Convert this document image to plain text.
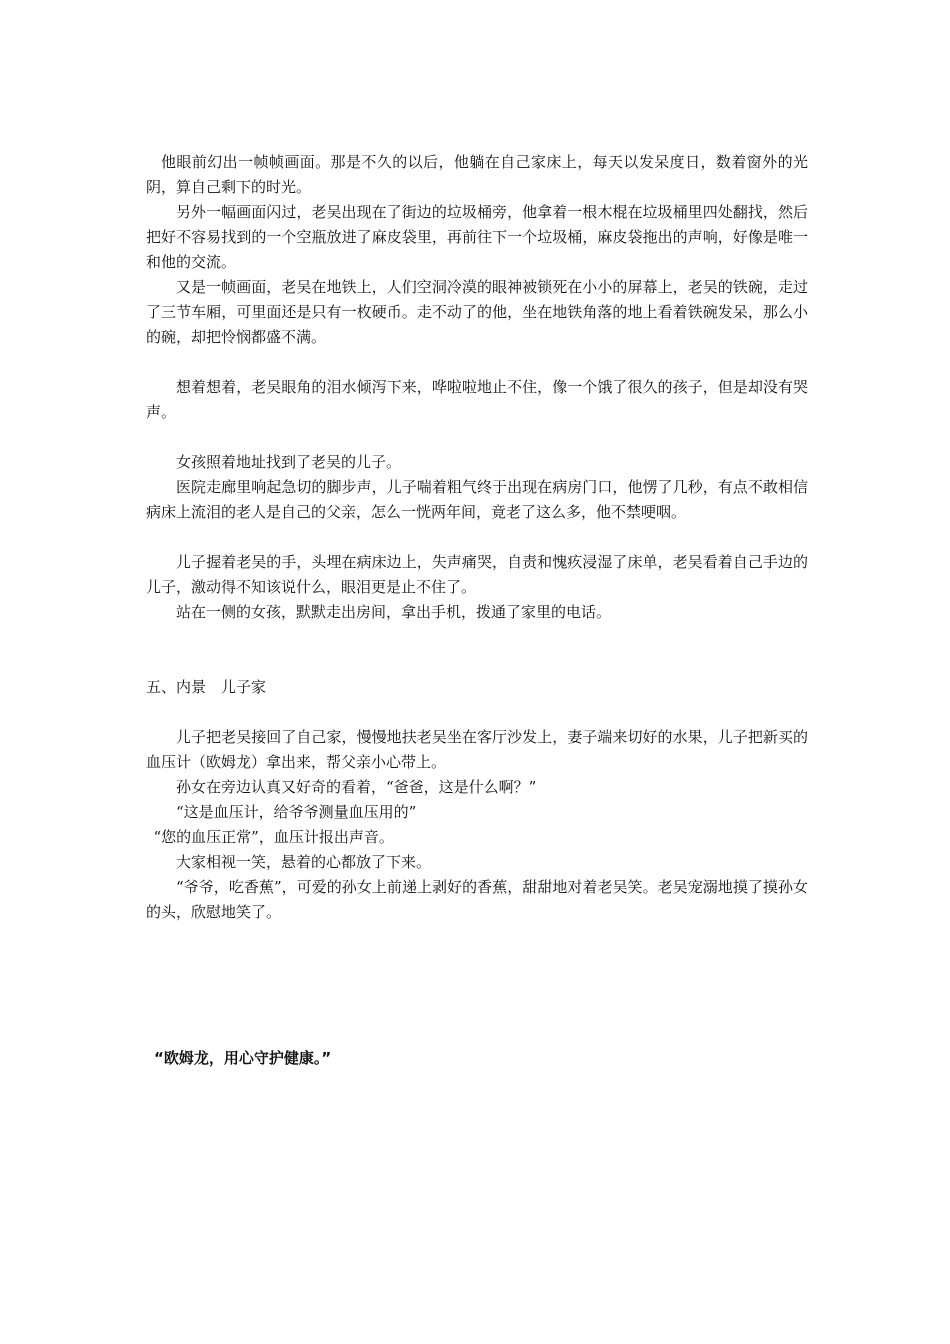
他眼前幻出一帧帧画面。那是不久的以后，他躺在自己家床上，每天以发呆度日，数着窗外的光阴，算自己剩下的时光。

另外一幅画面闪过，老吴出现在了街边的垃圾桶旁，他拿着一根木棍在垃圾桶里四处翻找，然后把好不容易找到的一个空瓶放进了麻皮袋里，再前往下一个垃圾桶，麻皮袋拖出的声响，好像是唯一和他的交流。

又是一帧画面，老吴在地铁上，人们空洞冷漠的眼神被锁死在小小的屏幕上，老吴的铁碗，走过了三节车厢，可里面还是只有一枚硬币。走不动了的他，坐在地铁角落的地上看着铁碗发呆，那么小的碗，却把怜悯都盛不满。

想着想着，老吴眼角的泪水倾泻下来，哗啦啦地止不住，像一个饿了很久的孩子，但是却没有哭声。

女孩照着地址找到了老吴的儿子。

医院走廊里响起急切的脚步声，儿子喘着粗气终于出现在病房门口，他愣了几秒，有点不敢相信病床上流泪的老人是自己的父亲，怎么一恍两年间，竟老了这么多，他不禁哽咽。

儿子握着老吴的手，头埋在病床边上，失声痛哭，自责和愧疚浸湿了床单，老吴看着自己手边的儿子，激动得不知该说什么，眼泪更是止不住了。

站在一侧的女孩，默默走出房间，拿出手机，拨通了家里的电话。

五、内景　儿子家

儿子把老吴接回了自己家，慢慢地扶老吴坐在客厅沙发上，妻子端来切好的水果，儿子把新买的血压计（欧姆龙）拿出来，帮父亲小心带上。

孙女在旁边认真又好奇的看着，“爸爸，这是什么啊？”

“这是血压计，给爷爷测量血压用的”

“您的血压正常”，血压计报出声音。

大家相视一笑，悬着的心都放了下来。

“爷爷，吃香蕉”，可爱的孙女上前递上剥好的香蕉，甜甜地对着老吴笑。老吴宠溺地摸了摸孙女的头，欣慰地笑了。

“欧姆龙，用心守护健康。”
